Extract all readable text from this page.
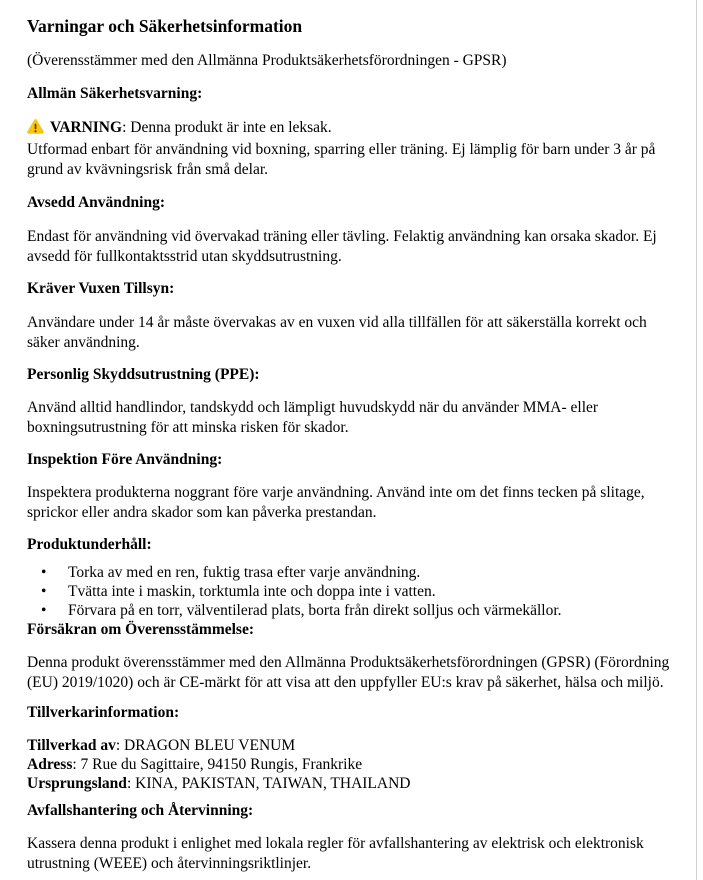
Varningar och Säkerhetsinformation

(Överensstämmer med den Allmänna Produktsäkerhetsförordningen - GPSR)

Allmän Säkerhetsvarning:

VARNING: Denna produkt är inte en leksak.

Utformad enbart för användning vid boxning, sparring eller träning. Ej lämplig för barn under 3 år på grund av kvävningsrisk från små delar.

Avsedd Användning:

Endast för användning vid övervakad träning eller tävling. Felaktig användning kan orsaka skador. Ej avsedd för fullkontaktsstrid utan skyddsutrustning.

Kräver Vuxen Tillsyn:

Användare under 14 år måste övervakas av en vuxen vid alla tillfällen för att säkerställa korrekt och säker användning.

Personlig Skyddsutrustning (PPE):

Använd alltid handlindor, tandskydd och lämpligt huvudskydd när du använder MMA- eller boxningsutrustning för att minska risken för skador.

Inspektion Före Användning:

Inspektera produkterna noggrant före varje användning. Använd inte om det finns tecken på slitage, sprickor eller andra skador som kan påverka prestandan.

Produktunderhåll:

•
Torka av med en ren, fuktig trasa efter varje användning.
•
Tvätta inte i maskin, torktumla inte och doppa inte i vatten.
•
Förvara på en torr, välventilerad plats, borta från direkt solljus och värmekällor.

Försäkran om Överensstämmelse:

Denna produkt överensstämmer med den Allmänna Produktsäkerhetsförordningen (GPSR) (Förordning (EU) 2019/1020) och är CE-märkt för att visa att den uppfyller EU:s krav på säkerhet, hälsa och miljö.

Tillverkarinformation:

Tillverkad av: DRAGON BLEU VENUM

Adress: 7 Rue du Sagittaire, 94150 Rungis, Frankrike

Ursprungsland: KINA, PAKISTAN, TAIWAN, THAILAND

Avfallshantering och Återvinning:

Kassera denna produkt i enlighet med lokala regler för avfallshantering av elektrisk och elektronisk utrustning (WEEE) och återvinningsriktlinjer.
